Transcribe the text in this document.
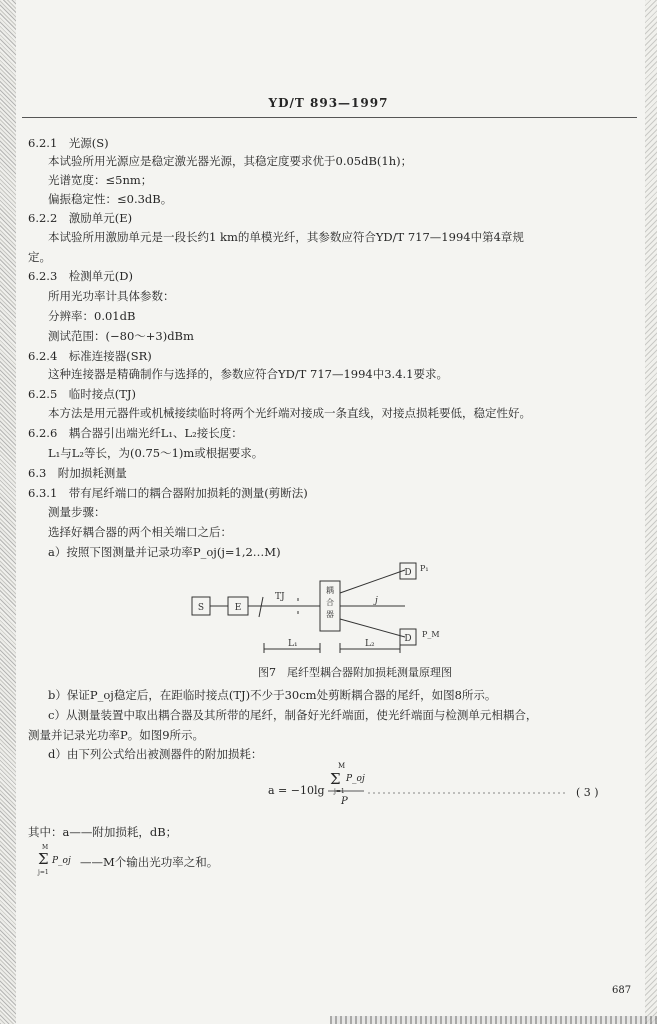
YD/T 893—1997
6.2.1　光源(S)
本试验所用光源应是稳定激光器光源，其稳定度要求优于0.05dB(1h)；
光谱宽度：≤5nm；
偏振稳定性：≤0.3dB。
6.2.2　激励单元(E)
本试验所用激励单元是一段长约1 km的单模光纤，其参数应符合YD/T 717—1994中第4章规
定。
6.2.3　检测单元(D)
所用光功率计具体参数：
分辨率：0.01dB
测试范围：(−80～+3)dBm
6.2.4　标准连接器(SR)
这种连接器是精确制作与选择的，参数应符合YD/T 717—1994中3.4.1要求。
6.2.5　临时接点(TJ)
本方法是用元器件或机械接续临时将两个光纤端对接成一条直线，对接点损耗要低，稳定性好。
6.2.6　耦合器引出端光纤L₁、L₂接长度：
L₁与L₂等长，为(0.75～1)m或根据要求。
6.3　附加损耗测量
6.3.1　带有尾纤端口的耦合器附加损耗的测量(剪断法)
测量步骤：
选择好耦合器的两个相关端口之后：
a）按照下图测量并记录功率P_oj(j=1,2…M)
S	E
TJ
耦
合
器
D
D
P₁
P_M
j
L₁	L₂
图7　尾纤型耦合器附加损耗测量原理图
b）保证P_oj稳定后，在距临时接点(TJ)不少于30cm处剪断耦合器的尾纤，如图8所示。
c）从测量装置中取出耦合器及其所带的尾纤，制备好光纤端面，使光纤端面与检测单元相耦合，
测量并记录光功率P。如图9所示。
d）由下列公式给出被测器件的附加损耗：
a = −10lg
M
Σ
j=1
P_oj
P
( 3 )
其中：a——附加损耗，dB；
M
Σ
j=1
P_oj ——M个输出光功率之和。
687
